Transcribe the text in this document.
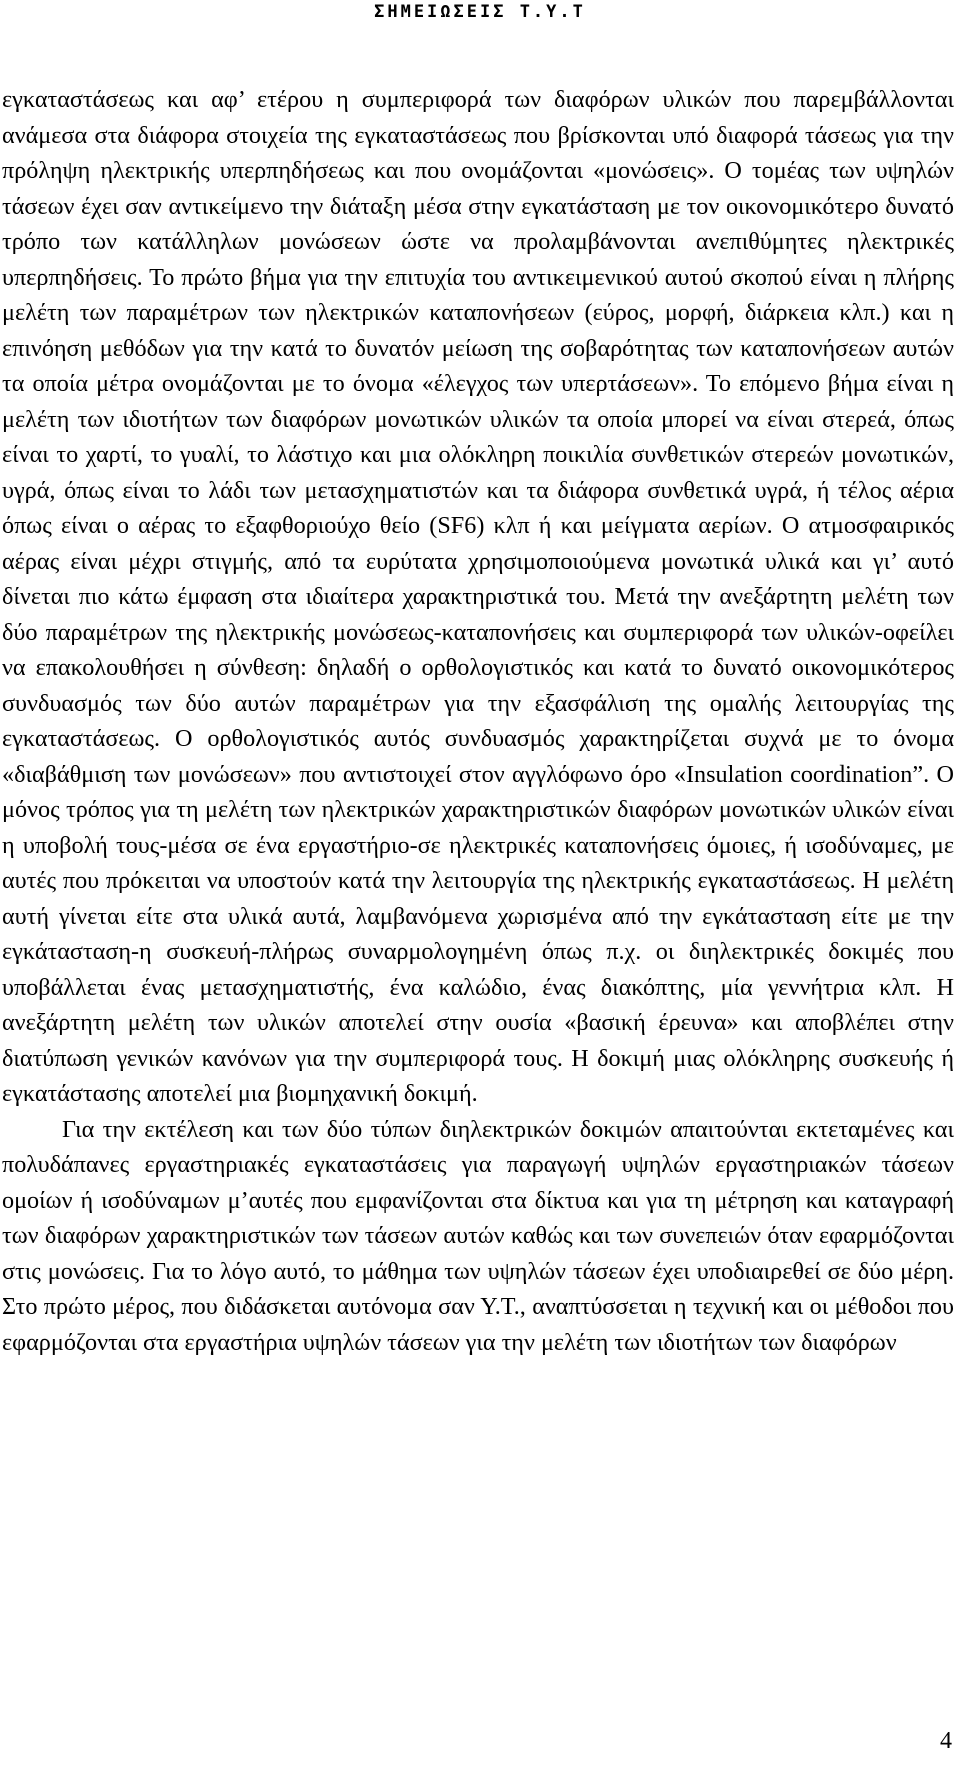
ΣΗΜΕΙΩΣΕΙΣ Τ.Υ.Τ

εγκαταστάσεως και αφ’ ετέρου η συμπεριφορά των διαφόρων υλικών που παρεμβάλλονται ανάμεσα στα διάφορα στοιχεία της εγκαταστάσεως που βρίσκονται υπό διαφορά τάσεως για την πρόληψη ηλεκτρικής υπερπηδήσεως και που ονομάζονται «μονώσεις». Ο τομέας των υψηλών τάσεων έχει σαν αντικείμενο την διάταξη μέσα στην εγκατάσταση με τον οικονομικότερο δυνατό τρόπο των κατάλληλων μονώσεων ώστε να προλαμβάνονται ανεπιθύμητες ηλεκτρικές υπερπηδήσεις. Το πρώτο βήμα για την επιτυχία του αντικειμενικού αυτού σκοπού είναι η πλήρης μελέτη των παραμέτρων των ηλεκτρικών καταπονήσεων (εύρος, μορφή, διάρκεια κλπ.) και η επινόηση μεθόδων για την κατά το δυνατόν μείωση της σοβαρότητας των καταπονήσεων αυτών τα οποία μέτρα ονομάζονται με το όνομα «έλεγχος των υπερτάσεων». Το επόμενο βήμα είναι η μελέτη των ιδιοτήτων των διαφόρων μονωτικών υλικών τα οποία μπορεί να είναι στερεά, όπως είναι το χαρτί, το γυαλί, το λάστιχο και μια ολόκληρη ποικιλία συνθετικών στερεών μονωτικών, υγρά, όπως είναι το λάδι των μετασχηματιστών και τα διάφορα συνθετικά υγρά, ή τέλος αέρια όπως είναι ο αέρας το εξαφθοριούχο θείο (SF6) κλπ ή και μείγματα αερίων. Ο ατμοσφαιρικός αέρας είναι μέχρι στιγμής, από τα ευρύτατα χρησιμοποιούμενα μονωτικά υλικά και γι’ αυτό δίνεται πιο κάτω έμφαση στα ιδιαίτερα χαρακτηριστικά του. Μετά την ανεξάρτητη μελέτη των δύο παραμέτρων της ηλεκτρικής μονώσεως-καταπονήσεις και συμπεριφορά των υλικών-οφείλει να επακολουθήσει η σύνθεση: δηλαδή ο ορθολογιστικός και κατά το δυνατό οικονομικότερος συνδυασμός των δύο αυτών παραμέτρων για την εξασφάλιση της ομαλής λειτουργίας της εγκαταστάσεως. Ο ορθολογιστικός αυτός συνδυασμός χαρακτηρίζεται συχνά με το όνομα «διαβάθμιση των μονώσεων» που αντιστοιχεί στον αγγλόφωνο όρο «Insulation coordination”. Ο μόνος τρόπος για τη μελέτη των ηλεκτρικών χαρακτηριστικών διαφόρων μονωτικών υλικών είναι η υποβολή τους-μέσα σε ένα εργαστήριο-σε ηλεκτρικές καταπονήσεις όμοιες, ή ισοδύναμες, με αυτές που πρόκειται να υποστούν κατά την λειτουργία της ηλεκτρικής εγκαταστάσεως. Η μελέτη αυτή γίνεται είτε στα υλικά αυτά, λαμβανόμενα χωρισμένα από την εγκάτασταση είτε με την εγκάτασταση-η συσκευή-πλήρως συναρμολογημένη όπως π.χ. οι διηλεκτρικές δοκιμές που υποβάλλεται ένας μετασχηματιστής, ένα καλώδιο, ένας διακόπτης, μία γεννήτρια κλπ. Η ανεξάρτητη μελέτη των υλικών αποτελεί στην ουσία «βασική έρευνα» και αποβλέπει στην διατύπωση γενικών κανόνων για την συμπεριφορά τους. Η δοκιμή μιας ολόκληρης συσκευής ή εγκατάστασης αποτελεί μια βιομηχανική δοκιμή.

Για την εκτέλεση και των δύο τύπων διηλεκτρικών δοκιμών απαιτούνται εκτεταμένες και πολυδάπανες εργαστηριακές εγκαταστάσεις για παραγωγή υψηλών εργαστηριακών τάσεων ομοίων ή ισοδύναμων μ’αυτές που εμφανίζονται στα δίκτυα και για τη μέτρηση και καταγραφή των διαφόρων χαρακτηριστικών των τάσεων αυτών καθώς και των συνεπειών όταν εφαρμόζονται στις μονώσεις. Για το λόγο αυτό, το μάθημα των υψηλών τάσεων έχει υποδιαιρεθεί σε δύο μέρη. Στο πρώτο μέρος, που διδάσκεται αυτόνομα σαν Υ.Τ., αναπτύσσεται η τεχνική και οι μέθοδοι που εφαρμόζονται στα εργαστήρια υψηλών τάσεων για την μελέτη των ιδιοτήτων των διαφόρων

4
